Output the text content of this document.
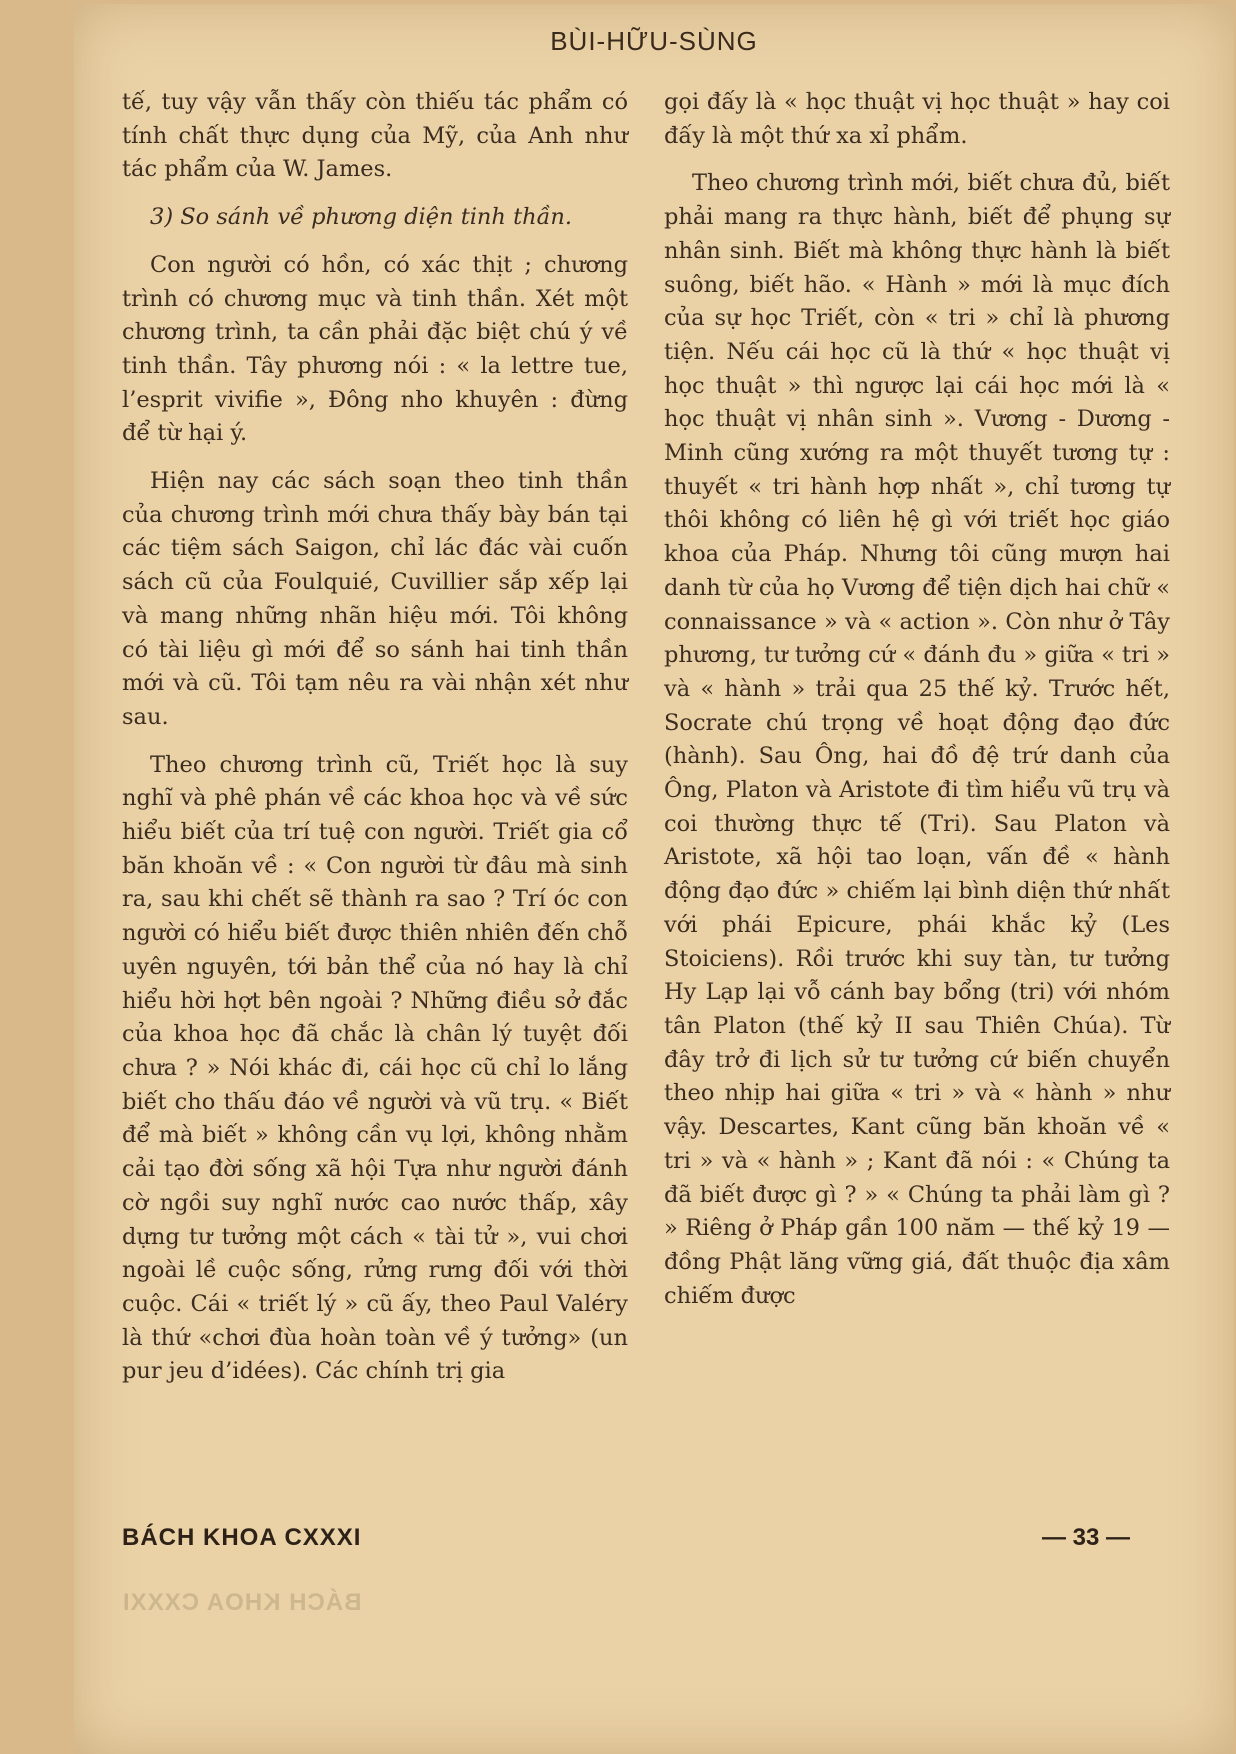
BÙI-HỮU-SÙNG

tế, tuy vậy vẫn thấy còn thiếu tác phẩm có tính chất thực dụng của Mỹ, của Anh như tác phẩm của W. James.

3) So sánh về phương diện tinh thần.

Con người có hồn, có xác thịt ; chương trình có chương mục và tinh thần. Xét một chương trình, ta cần phải đặc biệt chú ý về tinh thần. Tây phương nói : « la lettre tue, l’esprit vivifie », Đông nho khuyên : đừng để từ hại ý.

Hiện nay các sách soạn theo tinh thần của chương trình mới chưa thấy bày bán tại các tiệm sách Saigon, chỉ lác đác vài cuốn sách cũ của Foulquié, Cuvillier sắp xếp lại và mang những nhãn hiệu mới. Tôi không có tài liệu gì mới để so sánh hai tinh thần mới và cũ. Tôi tạm nêu ra vài nhận xét như sau.

Theo chương trình cũ, Triết học là suy nghĩ và phê phán về các khoa học và về sức hiểu biết của trí tuệ con người. Triết gia cổ băn khoăn về : « Con người từ đâu mà sinh ra, sau khi chết sẽ thành ra sao ? Trí óc con người có hiểu biết được thiên nhiên đến chỗ uyên nguyên, tới bản thể của nó hay là chỉ hiểu hời hợt bên ngoài ? Những điều sở đắc của khoa học đã chắc là chân lý tuyệt đối chưa ? » Nói khác đi, cái học cũ chỉ lo lắng biết cho thấu đáo về người và vũ trụ. « Biết để mà biết » không cần vụ lợi, không nhằm cải tạo đời sống xã hội Tựa như người đánh cờ ngồi suy nghĩ nước cao nước thấp, xây dựng tư tưởng một cách « tài tử », vui chơi ngoài lề cuộc sống, rửng rưng đối với thời cuộc. Cái « triết lý » cũ ấy, theo Paul Valéry là thứ «chơi đùa hoàn toàn về ý tưởng» (un pur jeu d’idées). Các chính trị gia

gọi đấy là « học thuật vị học thuật » hay coi đấy là một thứ xa xỉ phẩm.

Theo chương trình mới, biết chưa đủ, biết phải mang ra thực hành, biết để phụng sự nhân sinh. Biết mà không thực hành là biết suông, biết hão. « Hành » mới là mục đích của sự học Triết, còn « tri » chỉ là phương tiện. Nếu cái học cũ là thứ « học thuật vị học thuật » thì ngược lại cái học mới là « học thuật vị nhân sinh ». Vương - Dương - Minh cũng xướng ra một thuyết tương tự : thuyết « tri hành hợp nhất », chỉ tương tự thôi không có liên hệ gì với triết học giáo khoa của Pháp. Nhưng tôi cũng mượn hai danh từ của họ Vương để tiện dịch hai chữ « connaissance » và « action ». Còn như ở Tây phương, tư tưởng cứ « đánh đu » giữa « tri » và « hành » trải qua 25 thế kỷ. Trước hết, Socrate chú trọng về hoạt động đạo đức (hành). Sau Ông, hai đồ đệ trứ danh của Ông, Platon và Aristote đi tìm hiểu vũ trụ và coi thường thực tế (Tri). Sau Platon và Aristote, xã hội tao loạn, vấn đề « hành động đạo đức » chiếm lại bình diện thứ nhất với phái Epicure, phái khắc kỷ (Les Stoiciens). Rồi trước khi suy tàn, tư tưởng Hy Lạp lại vỗ cánh bay bổng (tri) với nhóm tân Platon (thế kỷ II sau Thiên Chúa). Từ đây trở đi lịch sử tư tưởng cứ biến chuyển theo nhịp hai giữa « tri » và « hành » như vậy. Descartes, Kant cũng băn khoăn về « tri » và « hành » ; Kant đã nói : « Chúng ta đã biết được gì ? » « Chúng ta phải làm gì ? » Riêng ở Pháp gần 100 năm — thế kỷ 19 — đồng Phật lăng vững giá, đất thuộc địa xâm chiếm được

BÁCH KHOA CXXXI	— 33 —
BÁCH KHOA CXXXI
